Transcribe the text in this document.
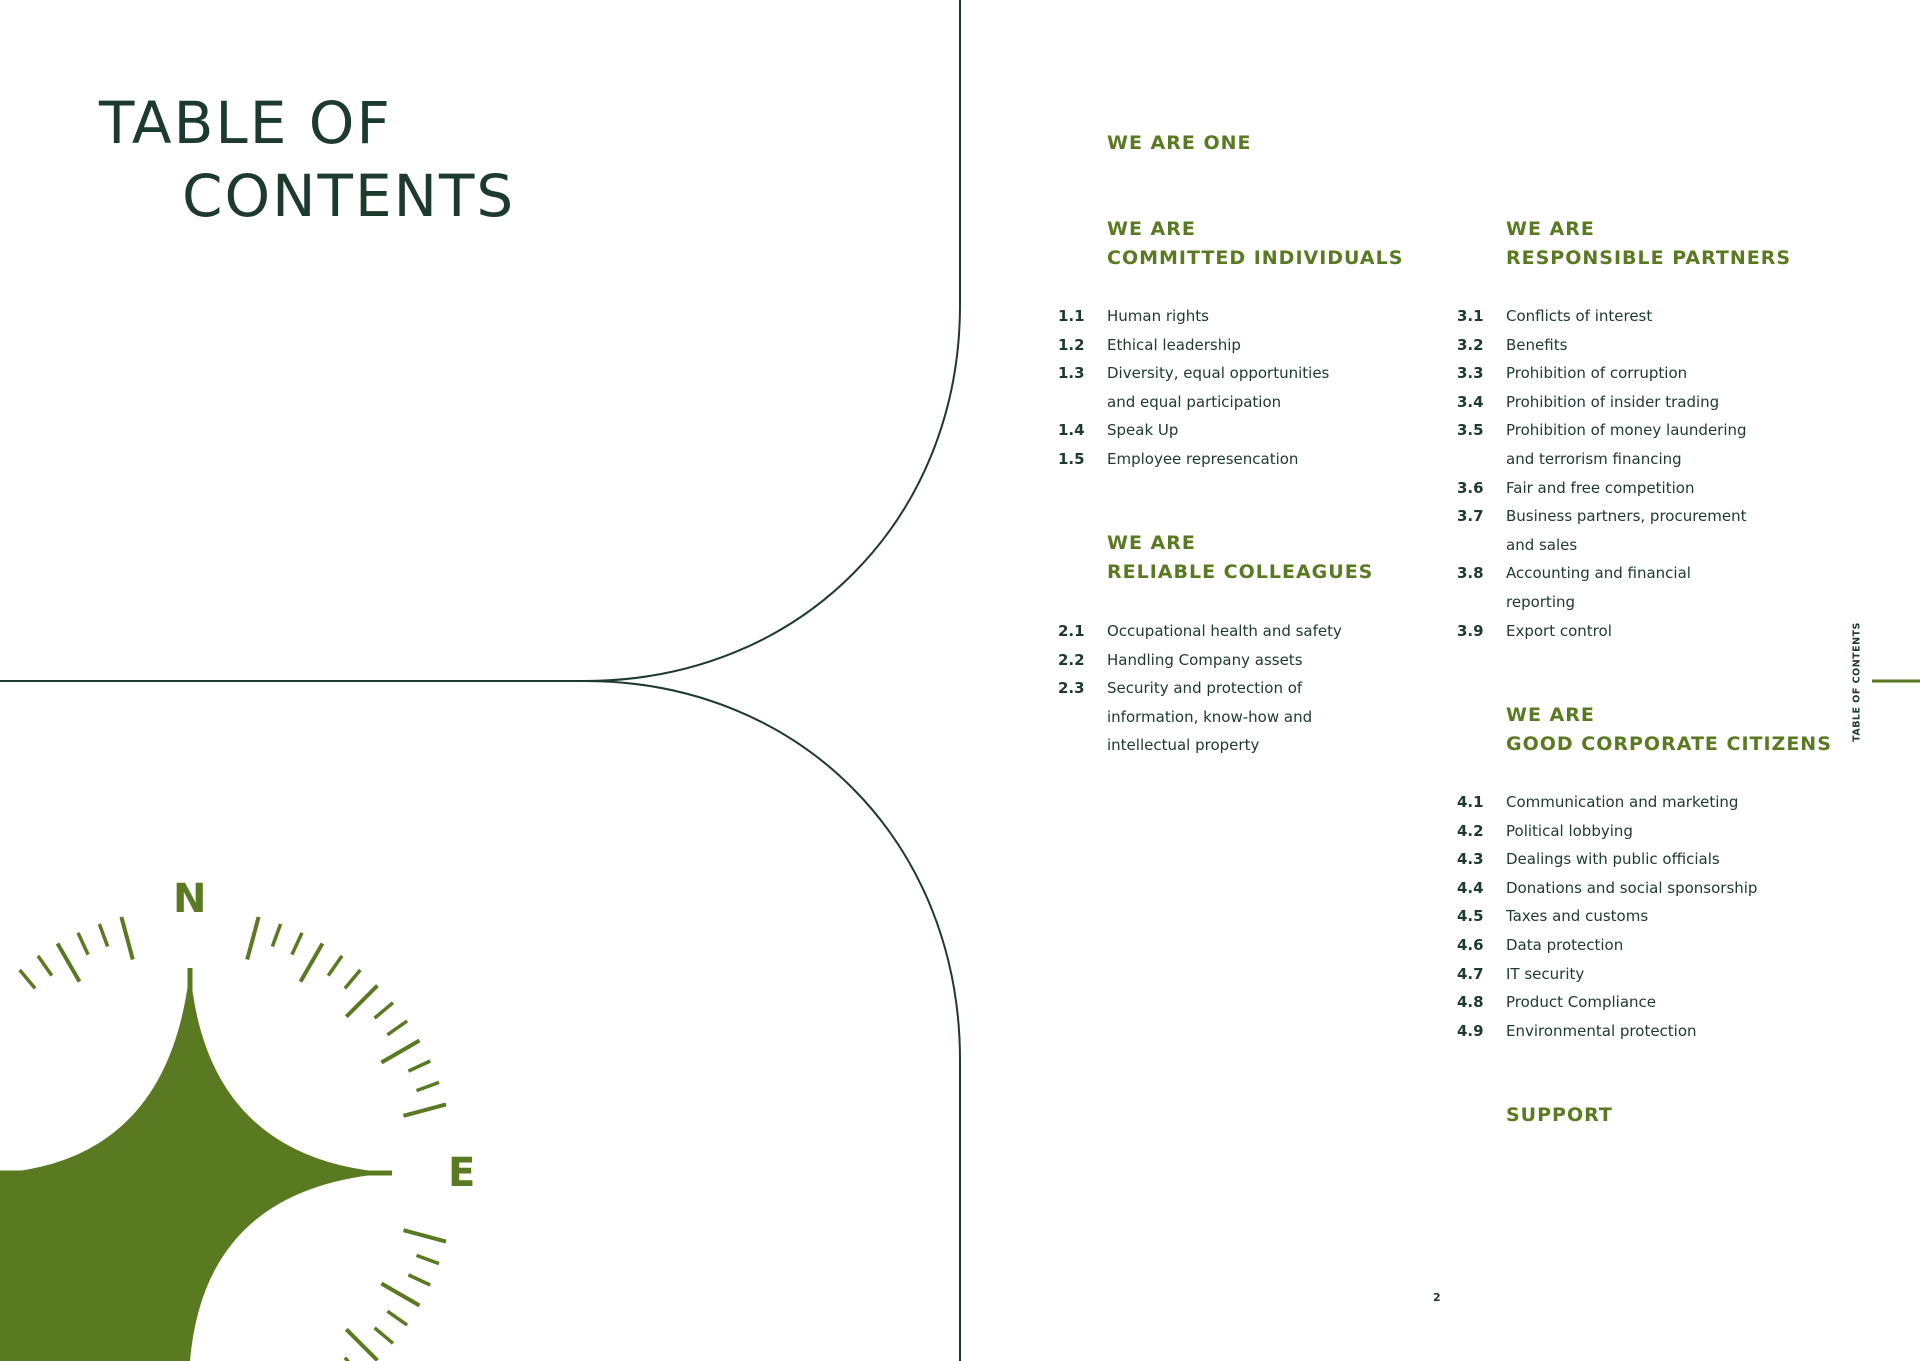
TABLE OF
CONTENTS
N
E
WE ARE ONE
WE ARE
COMMITTED INDIVIDUALS
1.1	Human rights
1.2	Ethical leadership
1.3	Diversity, equal opportunities
and equal participation
1.4	Speak Up
1.5	Employee represencation
WE ARE
RELIABLE COLLEAGUES
2.1	Occupational health and safety
2.2	Handling Company assets
2.3	Security and protection of
information, know-how and
intellectual property
WE ARE
RESPONSIBLE PARTNERS
3.1	Conflicts of interest
3.2	Benefits
3.3	Prohibition of corruption
3.4	Prohibition of insider trading
3.5	Prohibition of money laundering
and terrorism financing
3.6	Fair and free competition
3.7	Business partners, procurement
and sales
3.8	Accounting and financial
reporting
3.9	Export control
WE ARE
GOOD CORPORATE CITIZENS
4.1	Communication and marketing
4.2	Political lobbying
4.3	Dealings with public officials
4.4	Donations and social sponsorship
4.5	Taxes and customs
4.6	Data protection
4.7	IT security
4.8	Product Compliance
4.9	Environmental protection
SUPPORT
TABLE OF CONTENTS
2
